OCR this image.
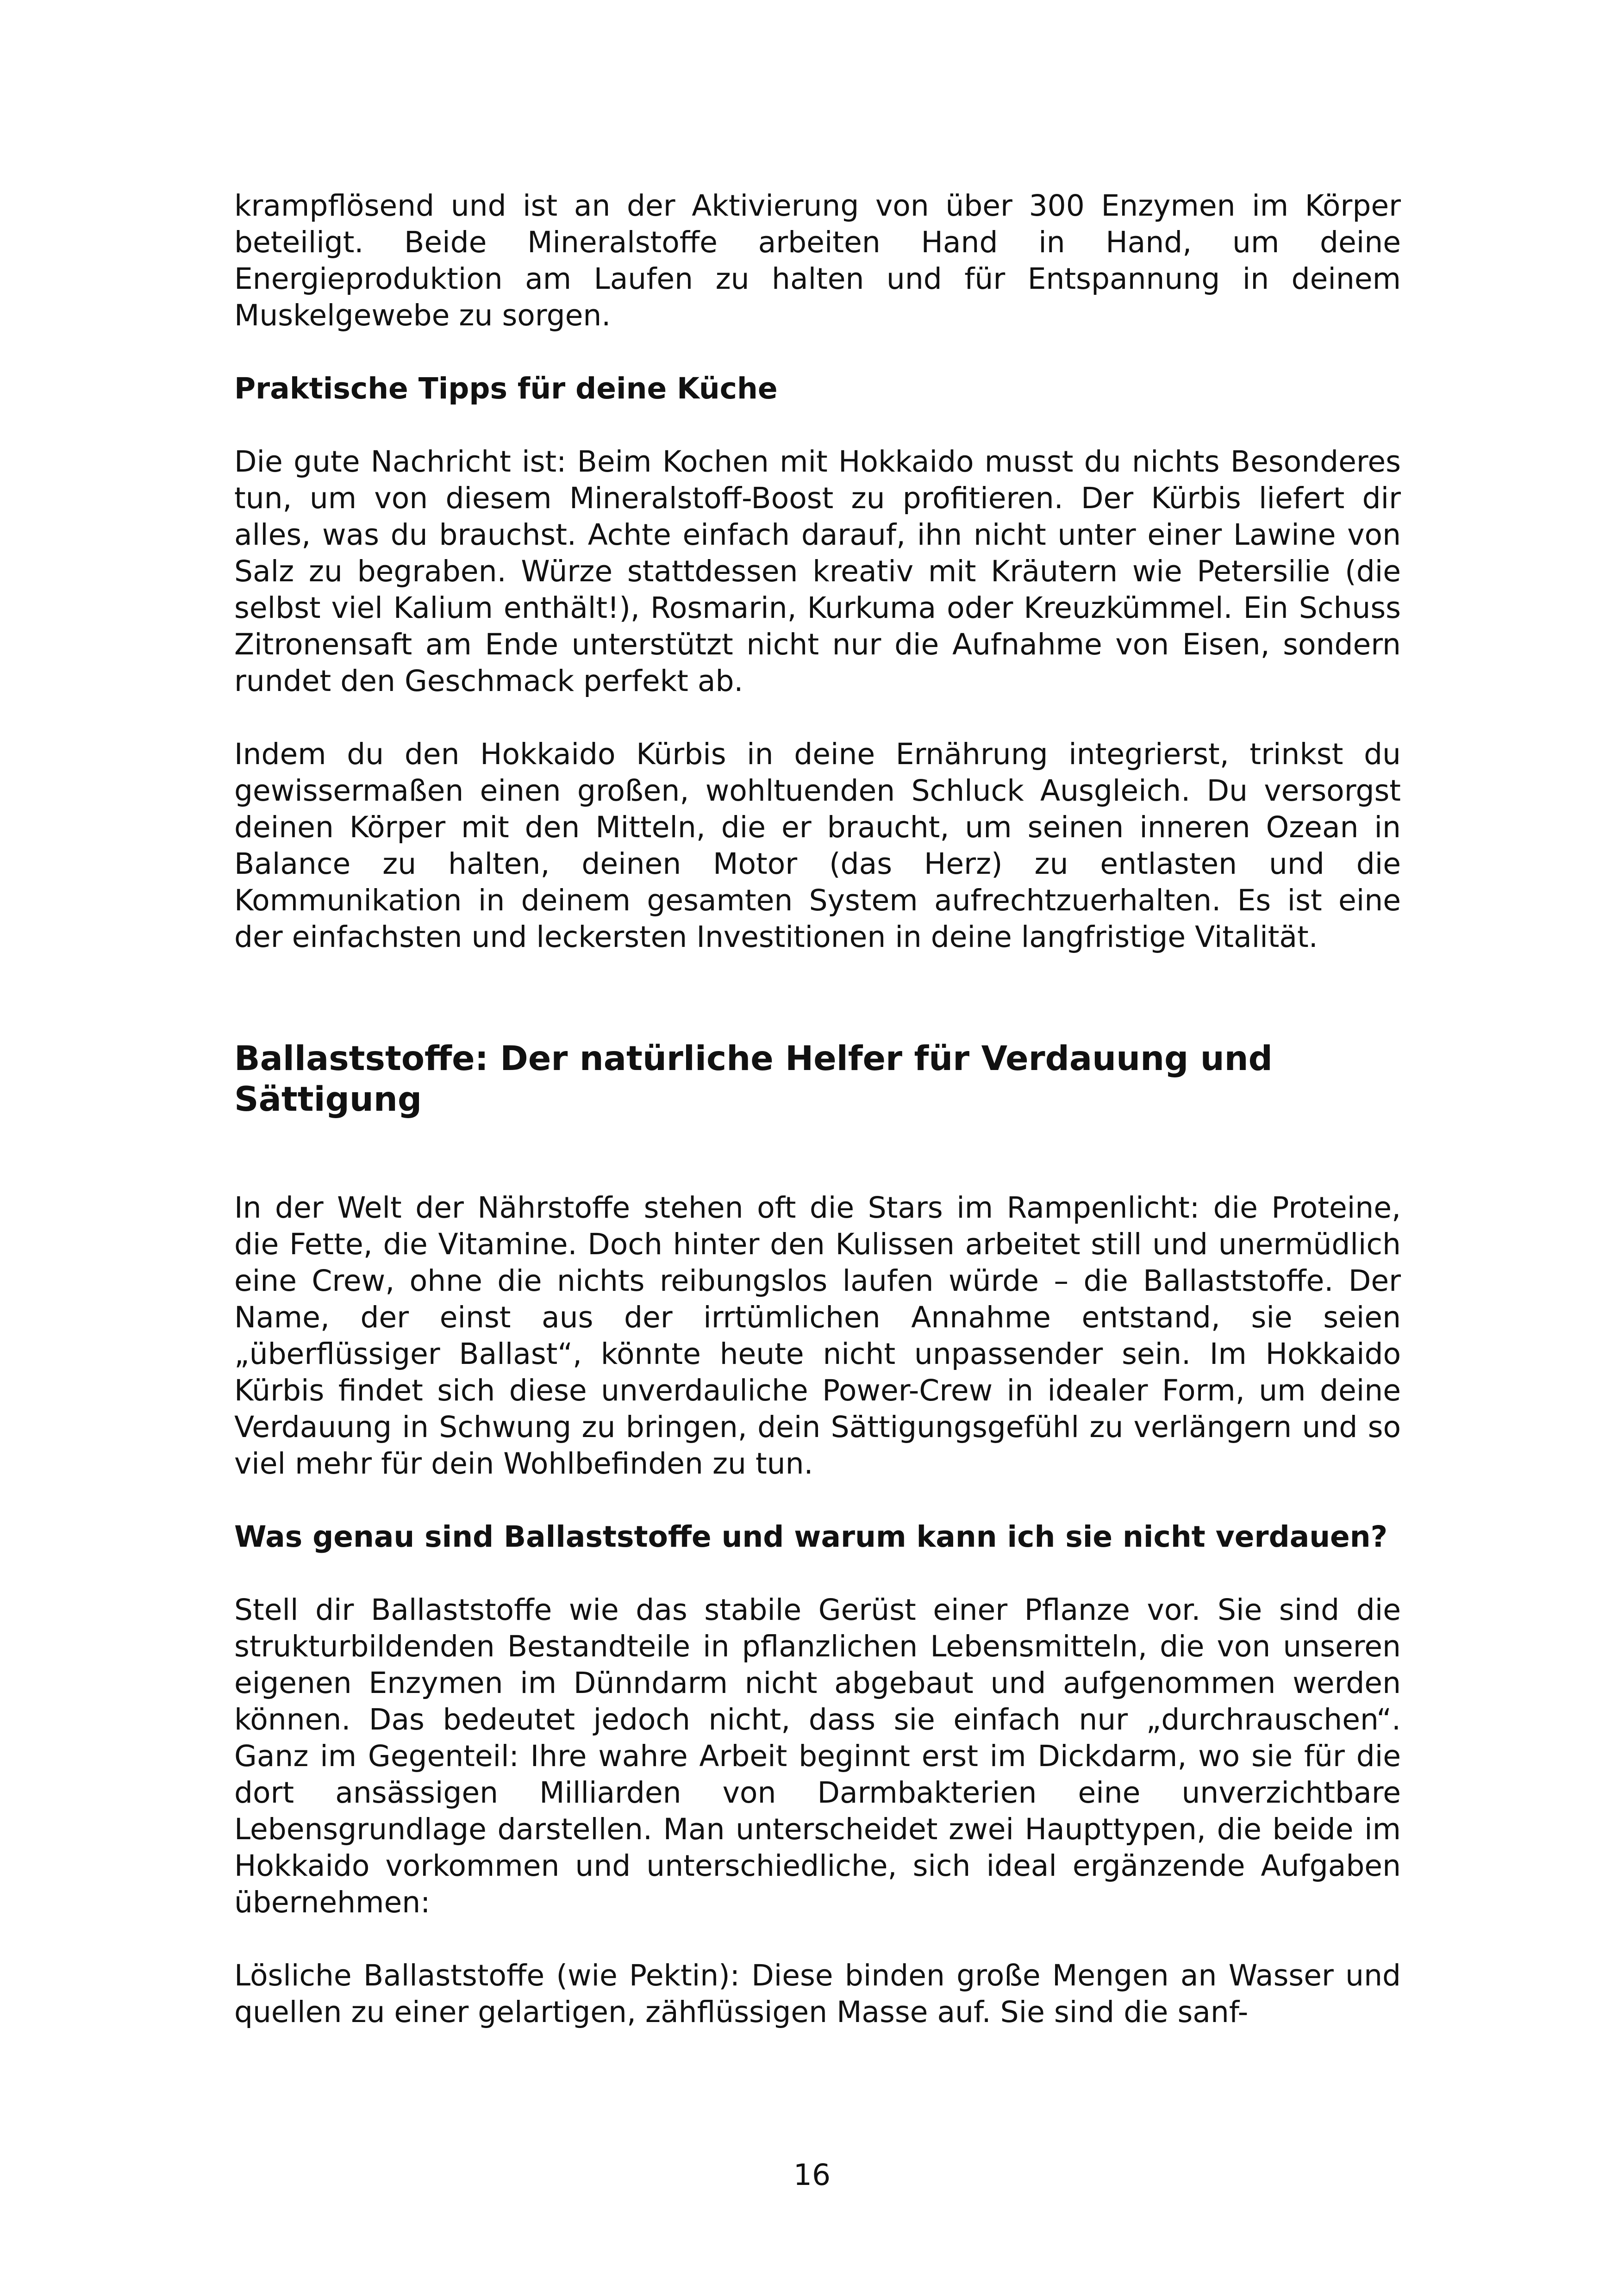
krampflösend und ist an der Aktivierung von über 300 Enzymen im Körper beteiligt. Beide Mineralstoffe arbeiten Hand in Hand, um deine Energieproduktion am Laufen zu halten und für Entspannung in deinem Muskelgewebe zu sorgen.

Praktische Tipps für deine Küche

Die gute Nachricht ist: Beim Kochen mit Hokkaido musst du nichts Besonderes tun, um von diesem Mineralstoff-Boost zu profitieren. Der Kürbis liefert dir alles, was du brauchst. Achte einfach darauf, ihn nicht unter einer Lawine von Salz zu begraben. Würze stattdessen kreativ mit Kräutern wie Petersilie (die selbst viel Kalium enthält!), Rosmarin, Kurkuma oder Kreuzkümmel. Ein Schuss Zitronensaft am Ende unterstützt nicht nur die Aufnahme von Eisen, sondern rundet den Geschmack perfekt ab.

Indem du den Hokkaido Kürbis in deine Ernährung integrierst, trinkst du gewissermaßen einen großen, wohltuenden Schluck Ausgleich. Du versorgst deinen Körper mit den Mitteln, die er braucht, um seinen inneren Ozean in Balance zu halten, deinen Motor (das Herz) zu entlasten und die Kommunikation in deinem gesamten System aufrechtzuerhalten. Es ist eine der einfachsten und leckersten Investitionen in deine langfristige Vitalität.

Ballaststoffe: Der natürliche Helfer für Verdauung und Sättigung

In der Welt der Nährstoffe stehen oft die Stars im Rampenlicht: die Proteine, die Fette, die Vitamine. Doch hinter den Kulissen arbeitet still und unermüdlich eine Crew, ohne die nichts reibungslos laufen würde – die Ballaststoffe. Der Name, der einst aus der irrtümlichen Annahme entstand, sie seien „überflüssiger Ballast“, könnte heute nicht unpassender sein. Im Hokkaido Kürbis findet sich diese unverdauliche Power-Crew in idealer Form, um deine Verdauung in Schwung zu bringen, dein Sättigungsgefühl zu verlängern und so viel mehr für dein Wohlbefinden zu tun.

Was genau sind Ballaststoffe und warum kann ich sie nicht verdauen?

Stell dir Ballaststoffe wie das stabile Gerüst einer Pflanze vor. Sie sind die strukturbildenden Bestandteile in pflanzlichen Lebensmitteln, die von unseren eigenen Enzymen im Dünndarm nicht abgebaut und aufgenommen werden können. Das bedeutet jedoch nicht, dass sie einfach nur „durchrauschen“. Ganz im Gegenteil: Ihre wahre Arbeit beginnt erst im Dickdarm, wo sie für die dort ansässigen Milliarden von Darmbakterien eine unverzichtbare Lebensgrundlage darstellen. Man unterscheidet zwei Haupttypen, die beide im Hokkaido vorkommen und unterschiedliche, sich ideal ergänzende Aufgaben übernehmen:

Lösliche Ballaststoffe (wie Pektin): Diese binden große Mengen an Wasser und quellen zu einer gelartigen, zähflüssigen Masse auf. Sie sind die sanf-

16
